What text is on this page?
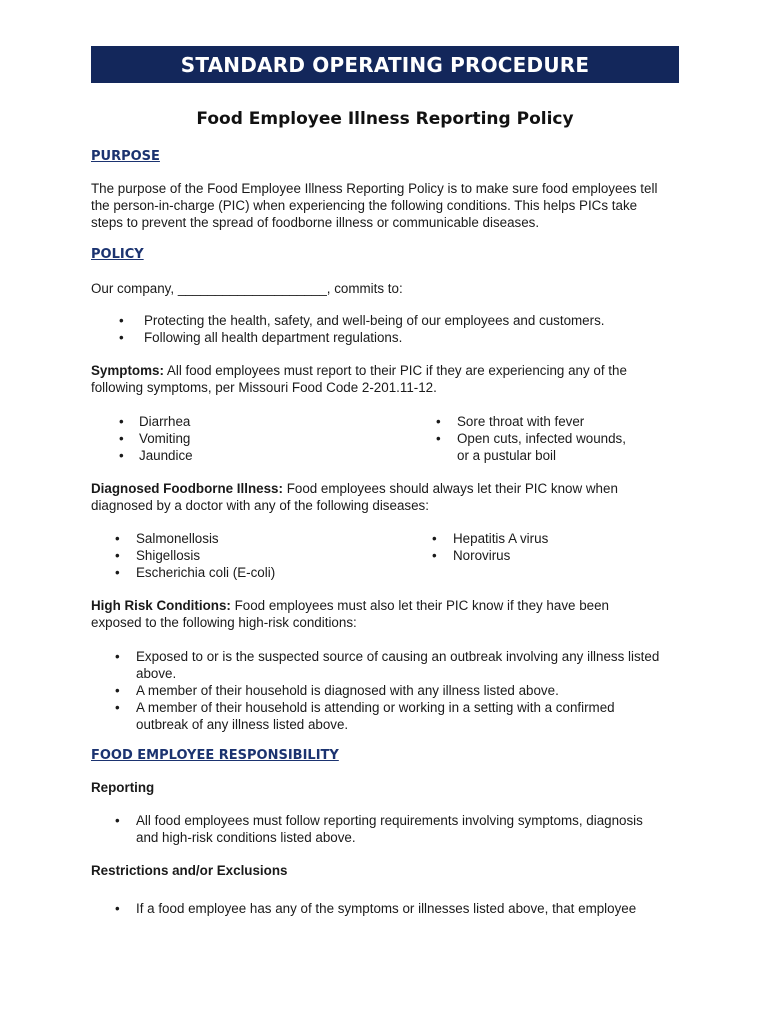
STANDARD OPERATING PROCEDURE
Food Employee Illness Reporting Policy
PURPOSE

The purpose of the Food Employee Illness Reporting Policy is to make sure food employees tell
the person-in-charge (PIC) when experiencing the following conditions. This helps PICs take
steps to prevent the spread of foodborne illness or communicable diseases.

POLICY

Our company, ____________________, commits to:

• Protecting the health, safety, and well-being of our employees and customers.
• Following all health department regulations.

Symptoms: All food employees must report to their PIC if they are experiencing any of the
following symptoms, per Missouri Food Code 2-201.11-12.

• Diarrhea
• Vomiting
• Jaundice
• Sore throat with fever
• Open cuts, infected wounds,
or a pustular boil

Diagnosed Foodborne Illness: Food employees should always let their PIC know when
diagnosed by a doctor with any of the following diseases:

• Salmonellosis
• Shigellosis
• Escherichia coli (E-coli)
• Hepatitis A virus
• Norovirus

High Risk Conditions: Food employees must also let their PIC know if they have been
exposed to the following high-risk conditions:

• Exposed to or is the suspected source of causing an outbreak involving any illness listed
above.
• A member of their household is diagnosed with any illness listed above.
• A member of their household is attending or working in a setting with a confirmed
outbreak of any illness listed above.
FOOD EMPLOYEE RESPONSIBILITY
Reporting
• All food employees must follow reporting requirements involving symptoms, diagnosis
and high-risk conditions listed above.
Restrictions and/or Exclusions
• If a food employee has any of the symptoms or illnesses listed above, that employee
